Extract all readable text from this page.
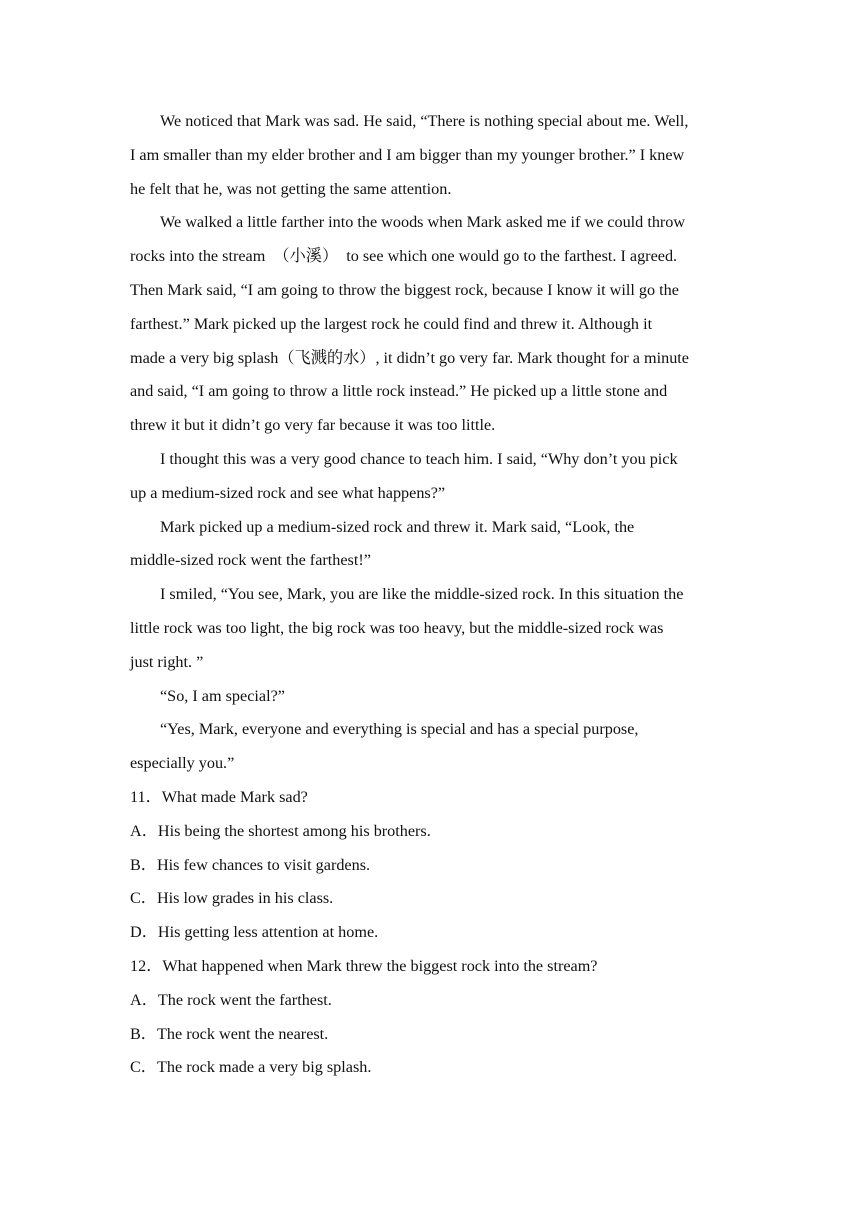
We noticed that Mark was sad. He said, “There is nothing special about me. Well,
I am smaller than my elder brother and I am bigger than my younger brother.” I knew
he felt that he, was not getting the same attention.
We walked a little farther into the woods when Mark asked me if we could throw
rocks into the stream  （小溪）  to see which one would go to the farthest. I agreed.
Then Mark said, “I am going to throw the biggest rock, because I know it will go the
farthest.” Mark picked up the largest rock he could find and threw it. Although it
made a very big splash（飞溅的水）, it didn’t go very far. Mark thought for a minute
and said, “I am going to throw a little rock instead.” He picked up a little stone and
threw it but it didn’t go very far because it was too little.
I thought this was a very good chance to teach him. I said, “Why don’t you pick
up a medium-sized rock and see what happens?”
Mark picked up a medium-sized rock and threw it. Mark said, “Look, the
middle-sized rock went the farthest!”
I smiled, “You see, Mark, you are like the middle-sized rock. In this situation the
little rock was too light, the big rock was too heavy, but the middle-sized rock was
just right. ”
“So, I am special?”
“Yes, Mark, everyone and everything is special and has a special purpose,
especially you.”
11．What made Mark sad?
A．His being the shortest among his brothers.
B．His few chances to visit gardens.
C．His low grades in his class.
D．His getting less attention at home.
12．What happened when Mark threw the biggest rock into the stream?
A．The rock went the farthest.
B．The rock went the nearest.
C．The rock made a very big splash.
